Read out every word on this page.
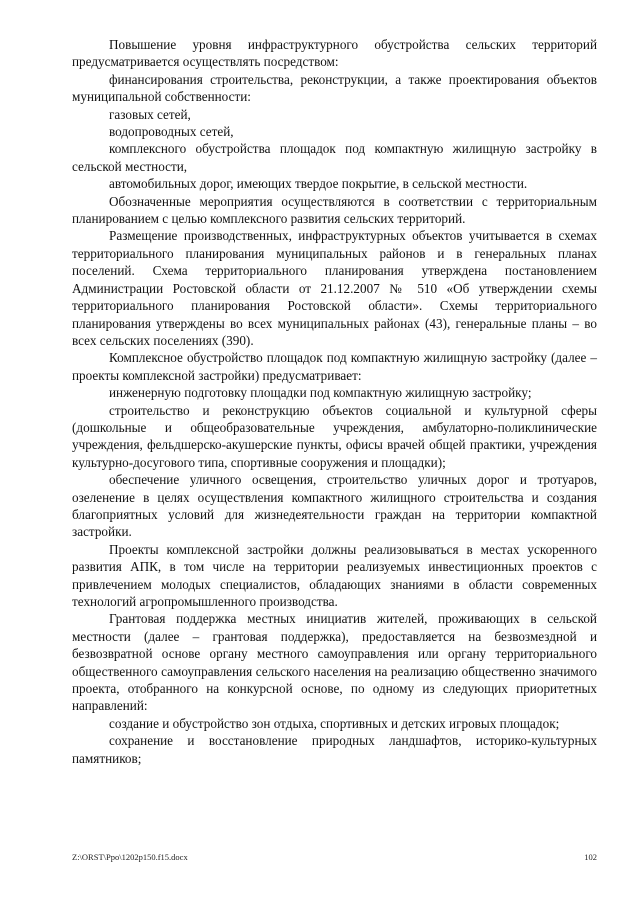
Повышение уровня инфраструктурного обустройства сельских территорий предусматривается осуществлять посредством:

финансирования строительства, реконструкции, а также проектирования объектов муниципальной собственности:

газовых сетей,

водопроводных сетей,

комплексного обустройства площадок под компактную жилищную застройку в сельской местности,

автомобильных дорог, имеющих твердое покрытие, в сельской местности.

Обозначенные мероприятия осуществляются в соответствии с территориальным планированием с целью комплексного развития сельских территорий.

Размещение производственных, инфраструктурных объектов учитывается в схемах территориального планирования муниципальных районов и в генеральных планах поселений. Схема территориального планирования утверждена постановлением Администрации Ростовской области от 21.12.2007 № 510 «Об утверждении схемы территориального планирования Ростовской области». Схемы территориального планирования утверждены во всех муниципальных районах (43), генеральные планы – во всех сельских поселениях (390).

Комплексное обустройство площадок под компактную жилищную застройку (далее – проекты комплексной застройки) предусматривает:

инженерную подготовку площадки под компактную жилищную застройку;

строительство и реконструкцию объектов социальной и культурной сферы (дошкольные и общеобразовательные учреждения, амбулаторно-поликлинические учреждения, фельдшерско-акушерские пункты, офисы врачей общей практики, учреждения культурно-досугового типа, спортивные сооружения и площадки);

обеспечение уличного освещения, строительство уличных дорог и тротуаров, озеленение в целях осуществления компактного жилищного строительства и создания благоприятных условий для жизнедеятельности граждан на территории компактной застройки.

Проекты комплексной застройки должны реализовываться в местах ускоренного развития АПК, в том числе на территории реализуемых инвестиционных проектов с привлечением молодых специалистов, обладающих знаниями в области современных технологий агропромышленного производства.

Грантовая поддержка местных инициатив жителей, проживающих в сельской местности (далее – грантовая поддержка), предоставляется на безвозмездной и безвозвратной основе органу местного самоуправления или органу территориального общественного самоуправления сельского населения на реализацию общественно значимого проекта, отобранного на конкурсной основе, по одному из следующих приоритетных направлений:

создание и обустройство зон отдыха, спортивных и детских игровых площадок;

сохранение и восстановление природных ландшафтов, историко-культурных памятников;

Z:\ORST\Ppo\1202p150.f15.docx	102
